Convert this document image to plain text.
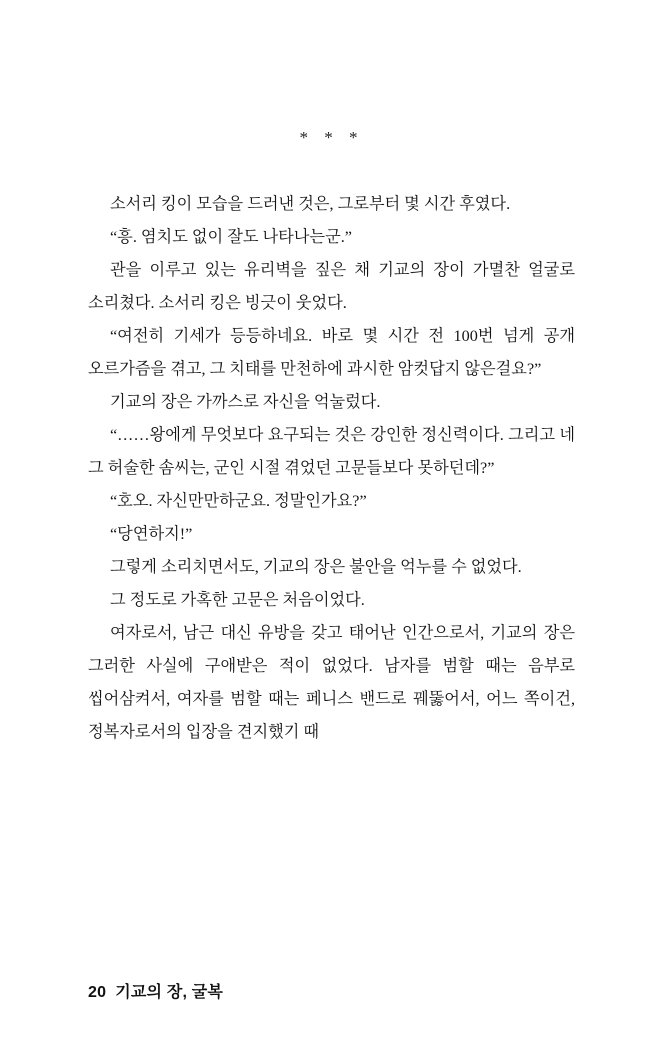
* * *

소서리 킹이 모습을 드러낸 것은, 그로부터 몇 시간 후였다.

“흥. 염치도 없이 잘도 나타나는군.”

관을 이루고 있는 유리벽을 짚은 채 기교의 장이 가멸찬 얼굴로 소리쳤다. 소서리 킹은 빙긋이 웃었다.

“여전히 기세가 등등하네요. 바로 몇 시간 전 100번 넘게 공개 오르가즘을 겪고, 그 치태를 만천하에 과시한 암컷답지 않은걸요?”

기교의 장은 가까스로 자신을 억눌렀다.

“……왕에게 무엇보다 요구되는 것은 강인한 정신력이다. 그리고 네 그 허술한 솜씨는, 군인 시절 겪었던 고문들보다 못하던데?”

“호오. 자신만만하군요. 정말인가요?”

“당연하지!”

그렇게 소리치면서도, 기교의 장은 불안을 억누를 수 없었다.

그 정도로 가혹한 고문은 처음이었다.

여자로서, 남근 대신 유방을 갖고 태어난 인간으로서, 기교의 장은 그러한 사실에 구애받은 적이 없었다. 남자를 범할 때는 음부로 씹어삼켜서, 여자를 범할 때는 페니스 밴드로 꿰뚫어서, 어느 쪽이건, 정복자로서의 입장을 견지했기 때

20 기교의 장, 굴복
